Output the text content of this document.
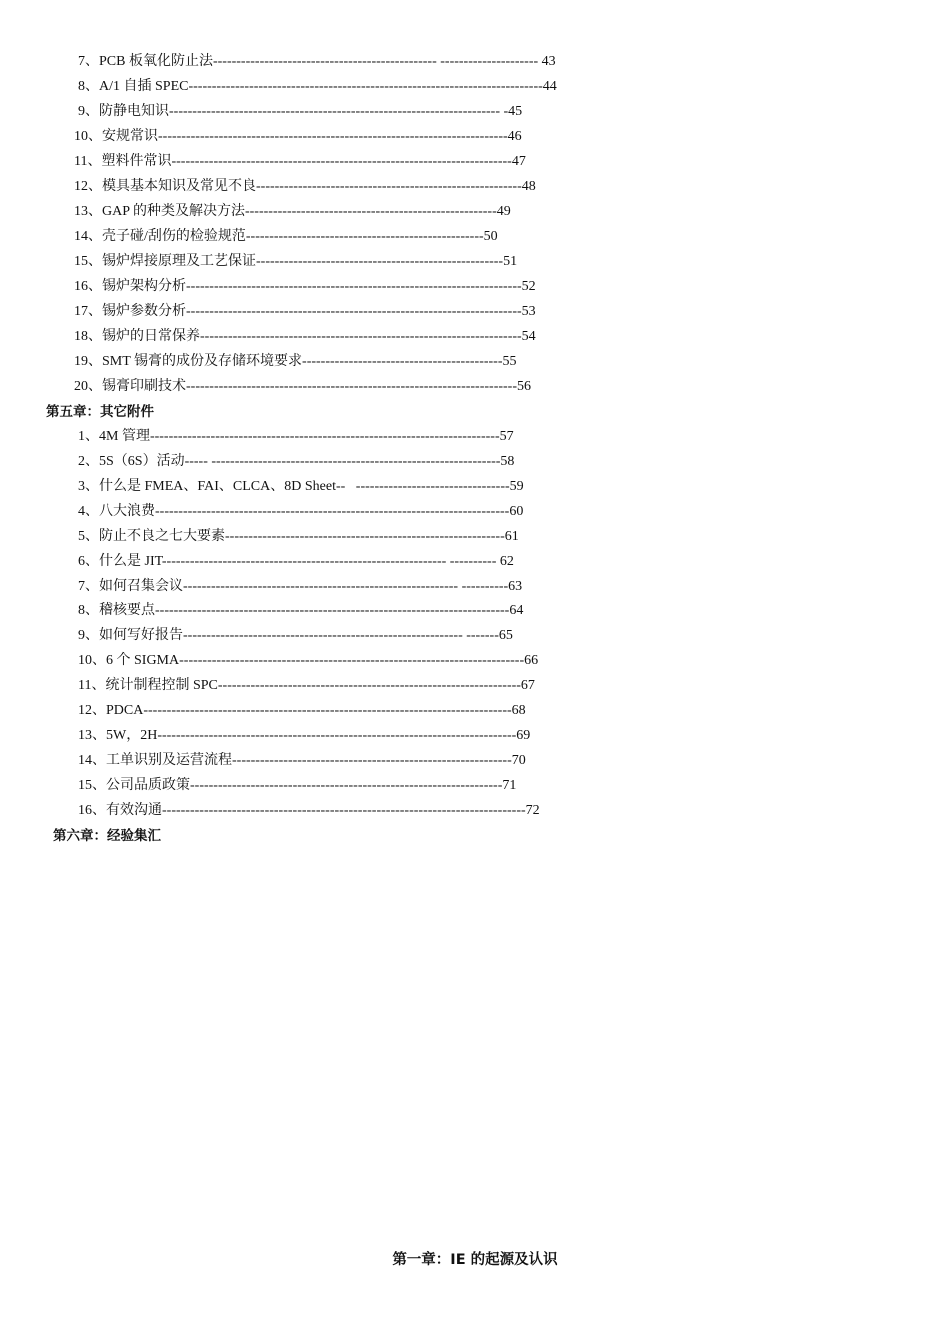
7、PCB 板氧化防止法------------------------------------------------ --------------------- 43
8、A/1 自插 SPEC----------------------------------------------------------------------------44
9、防静电知识----------------------------------------------------------------------- -45
10、安规常识---------------------------------------------------------------------------46
11、塑料件常识-------------------------------------------------------------------------47
12、模具基本知识及常见不良---------------------------------------------------------48
13、GAP 的种类及解决方法------------------------------------------------------49
14、壳子碰/刮伤的检验规范---------------------------------------------------50
15、锡炉焊接原理及工艺保证-----------------------------------------------------51
16、锡炉架构分析------------------------------------------------------------------------52
17、锡炉参数分析------------------------------------------------------------------------53
18、锡炉的日常保养---------------------------------------------------------------------54
19、SMT 锡膏的成份及存储环境要求-------------------------------------------55
20、锡膏印刷技术-----------------------------------------------------------------------56
第五章：其它附件
1、4M 管理---------------------------------------------------------------------------57
2、5S（6S）活动----- --------------------------------------------------------------58
3、什么是 FMEA、FAI、CLCA、8D Sheet--   ---------------------------------59
4、八大浪费----------------------------------------------------------------------------60
5、防止不良之七大要素------------------------------------------------------------61
6、什么是 JIT------------------------------------------------------------- ---------- 62
7、如何召集会议----------------------------------------------------------- ----------63
8、稽核要点----------------------------------------------------------------------------64
9、如何写好报告------------------------------------------------------------ -------65
10、6 个 SIGMA--------------------------------------------------------------------------66
11、统计制程控制 SPC-----------------------------------------------------------------67
12、PDCA-------------------------------------------------------------------------------68
13、5W，2H-----------------------------------------------------------------------------69
14、工单识别及运营流程------------------------------------------------------------70
15、公司品质政策-------------------------------------------------------------------71
16、有效沟通------------------------------------------------------------------------------72
第六章：经验集汇
第一章：IE 的起源及认识
